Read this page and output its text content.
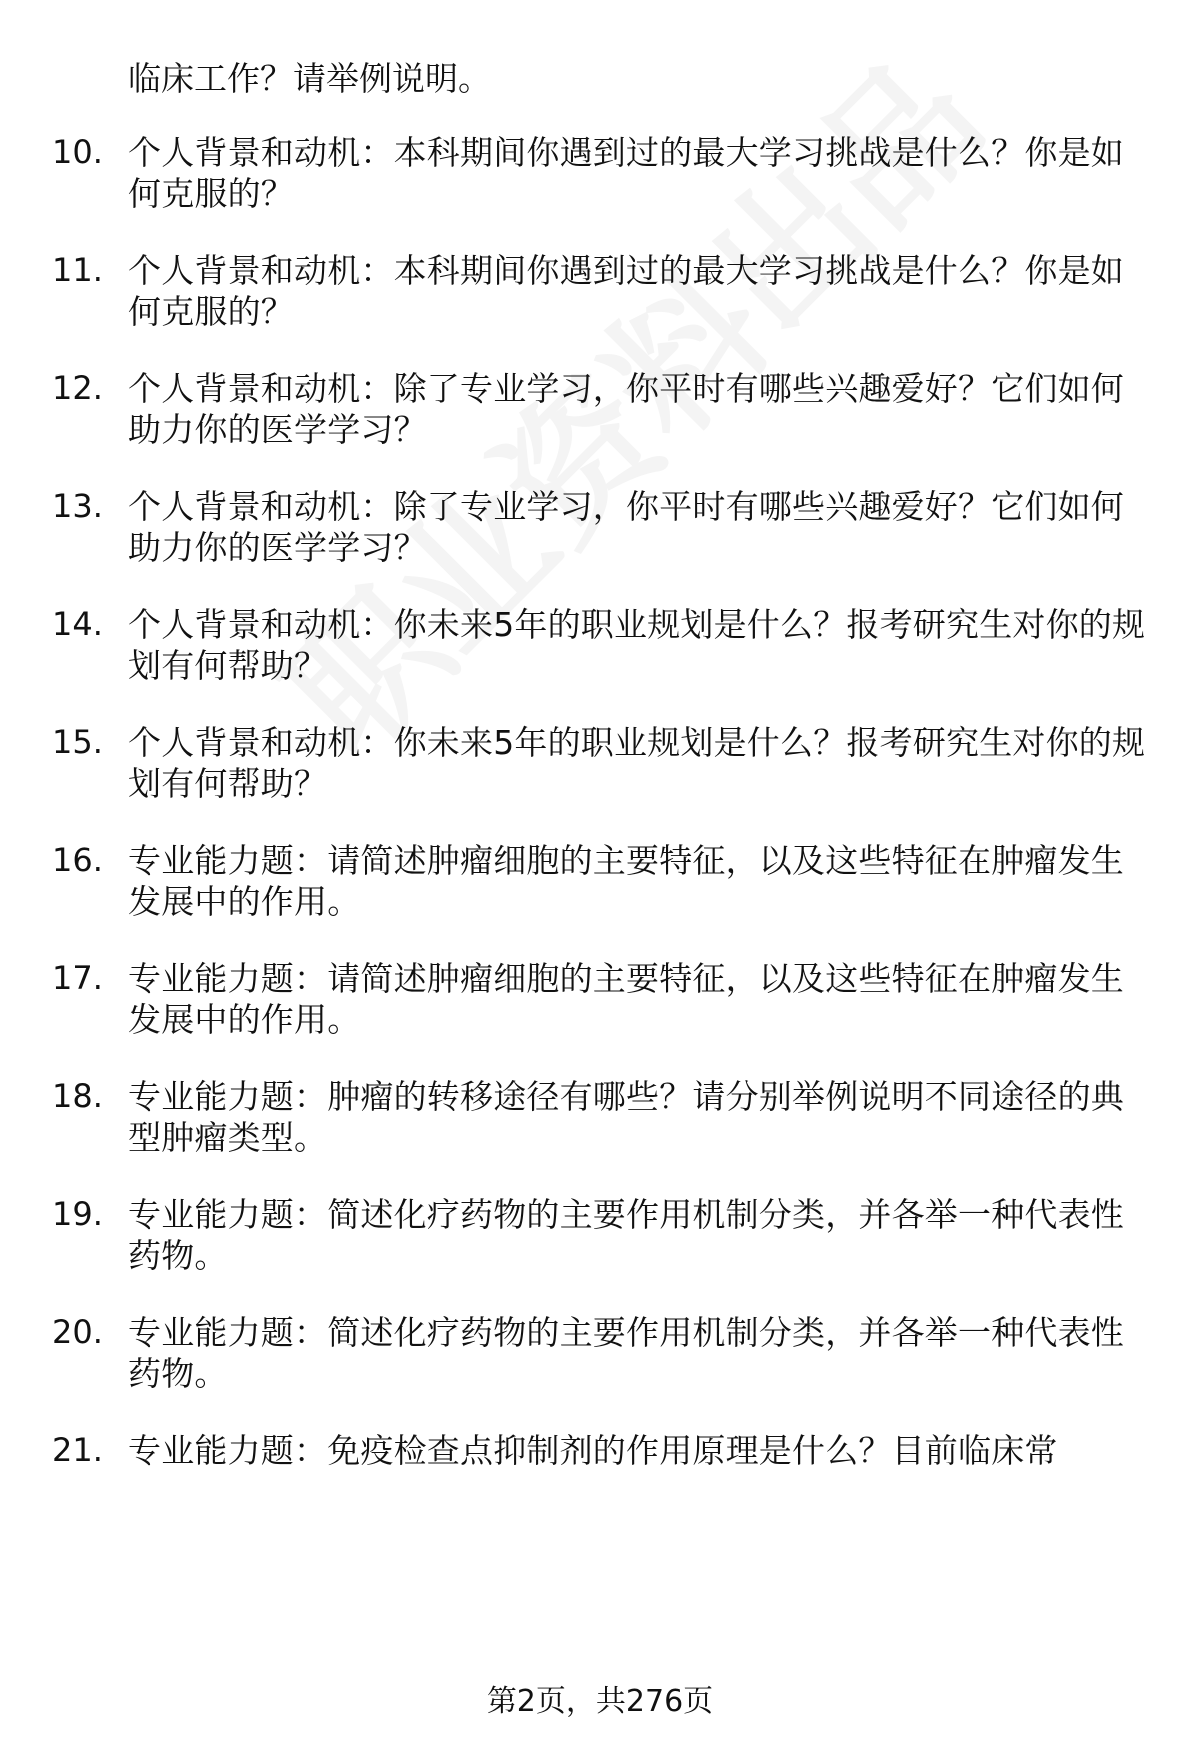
临床工作？请举例说明。
10. 个人背景和动机：本科期间你遇到过的最大学习挑战是什么？你是如何克服的？
11. 个人背景和动机：本科期间你遇到过的最大学习挑战是什么？你是如何克服的？
12. 个人背景和动机：除了专业学习，你平时有哪些兴趣爱好？它们如何助力你的医学学习？
13. 个人背景和动机：除了专业学习，你平时有哪些兴趣爱好？它们如何助力你的医学学习？
14. 个人背景和动机：你未来5年的职业规划是什么？报考研究生对你的规划有何帮助？
15. 个人背景和动机：你未来5年的职业规划是什么？报考研究生对你的规划有何帮助？
16. 专业能力题：请简述肿瘤细胞的主要特征，以及这些特征在肿瘤发生发展中的作用。
17. 专业能力题：请简述肿瘤细胞的主要特征，以及这些特征在肿瘤发生发展中的作用。
18. 专业能力题：肿瘤的转移途径有哪些？请分别举例说明不同途径的典型肿瘤类型。
19. 专业能力题：简述化疗药物的主要作用机制分类，并各举一种代表性药物。
20. 专业能力题：简述化疗药物的主要作用机制分类，并各举一种代表性药物。
21. 专业能力题：免疫检查点抑制剂的作用原理是什么？目前临床常
第2页，共276页
